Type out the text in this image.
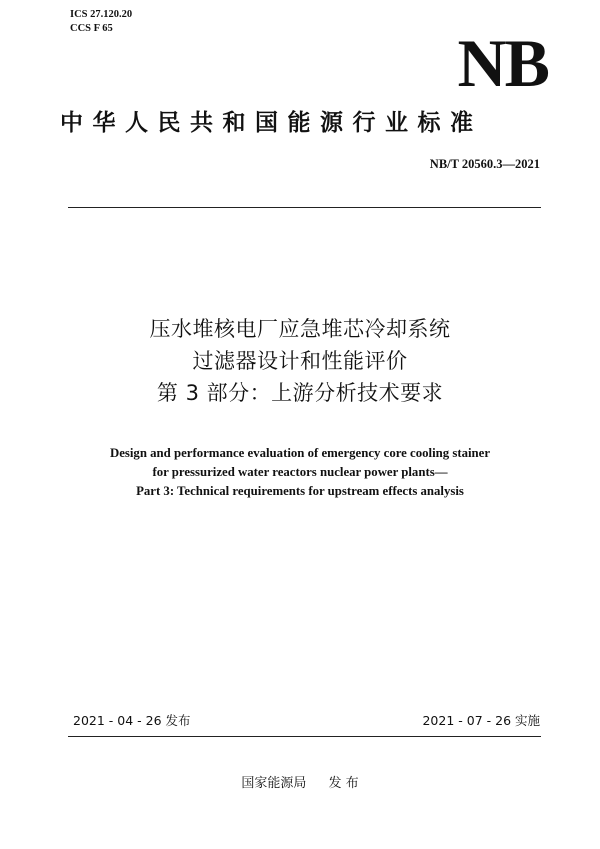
ICS 27.120.20
CCS F 65	NB
中华人民共和国能源行业标准
NB/T 20560.3—2021
压水堆核电厂应急堆芯冷却系统
过滤器设计和性能评价
第 3 部分：上游分析技术要求
Design and performance evaluation of emergency core cooling stainer
for pressurized water reactors nuclear power plants—
Part 3: Technical requirements for upstream effects analysis
2021 - 04 - 26 发布	2021 - 07 - 26 实施
国家能源局 发 布
